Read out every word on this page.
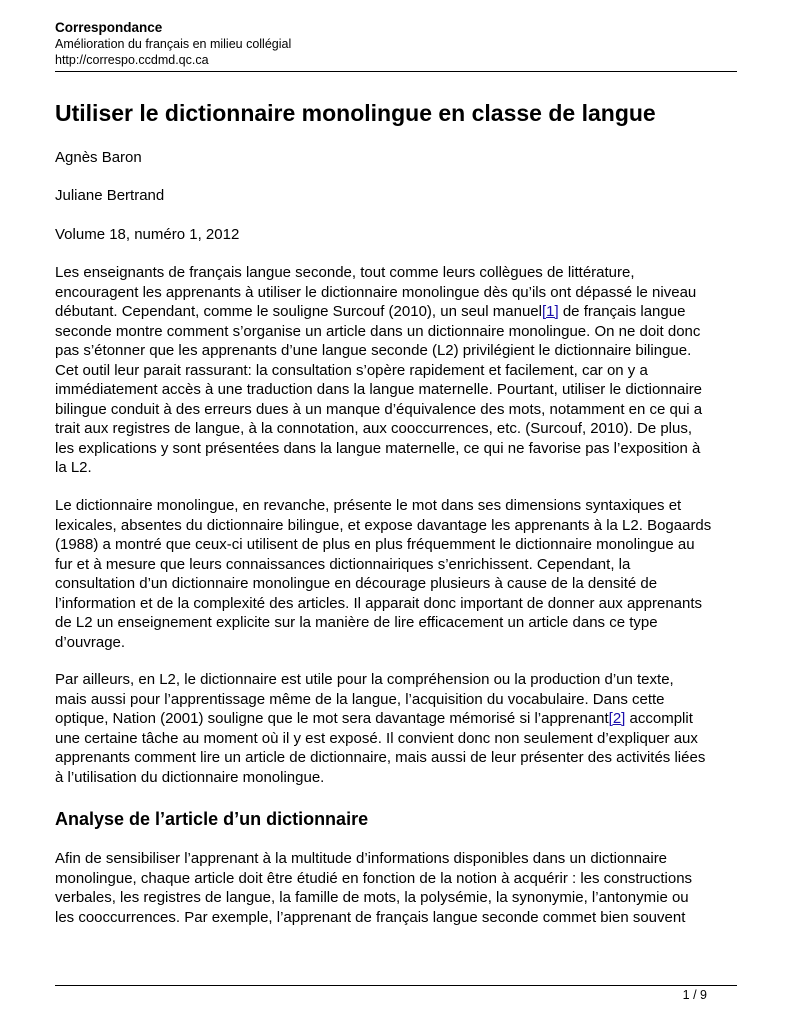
Correspondance
Amélioration du français en milieu collégial
http://correspo.ccdmd.qc.ca
Utiliser le dictionnaire monolingue en classe de langue

Agnès Baron

Juliane Bertrand

Volume 18, numéro 1, 2012

Les enseignants de français langue seconde, tout comme leurs collègues de littérature,
encouragent les apprenants à utiliser le dictionnaire monolingue dès qu’ils ont dépassé le niveau
débutant. Cependant, comme le souligne Surcouf (2010), un seul manuel[1] de français langue
seconde montre comment s’organise un article dans un dictionnaire monolingue. On ne doit donc
pas s’étonner que les apprenants d’une langue seconde (L2) privilégient le dictionnaire bilingue.
Cet outil leur parait rassurant: la consultation s’opère rapidement et facilement, car on y a
immédiatement accès à une traduction dans la langue maternelle. Pourtant, utiliser le dictionnaire
bilingue conduit à des erreurs dues à un manque d’équivalence des mots, notamment en ce qui a
trait aux registres de langue, à la connotation, aux cooccurrences, etc. (Surcouf, 2010). De plus,
les explications y sont présentées dans la langue maternelle, ce qui ne favorise pas l’exposition à
la L2.
Le dictionnaire monolingue, en revanche, présente le mot dans ses dimensions syntaxiques et
lexicales, absentes du dictionnaire bilingue, et expose davantage les apprenants à la L2. Bogaards
(1988) a montré que ceux-ci utilisent de plus en plus fréquemment le dictionnaire monolingue au
fur et à mesure que leurs connaissances dictionnairiques s’enrichissent. Cependant, la
consultation d’un dictionnaire monolingue en décourage plusieurs à cause de la densité de
l’information et de la complexité des articles. Il apparait donc important de donner aux apprenants
de L2 un enseignement explicite sur la manière de lire efficacement un article dans ce type
d’ouvrage.
Par ailleurs, en L2, le dictionnaire est utile pour la compréhension ou la production d’un texte,
mais aussi pour l’apprentissage même de la langue, l’acquisition du vocabulaire. Dans cette
optique, Nation (2001) souligne que le mot sera davantage mémorisé si l’apprenant[2] accomplit
une certaine tâche au moment où il y est exposé. Il convient donc non seulement d’expliquer aux
apprenants comment lire un article de dictionnaire, mais aussi de leur présenter des activités liées
à l’utilisation du dictionnaire monolingue.
Analyse de l’article d’un dictionnaire
Afin de sensibiliser l’apprenant à la multitude d’informations disponibles dans un dictionnaire
monolingue, chaque article doit être étudié en fonction de la notion à acquérir : les constructions
verbales, les registres de langue, la famille de mots, la polysémie, la synonymie, l’antonymie ou
les cooccurrences. Par exemple, l’apprenant de français langue seconde commet bien souvent
1 / 9
